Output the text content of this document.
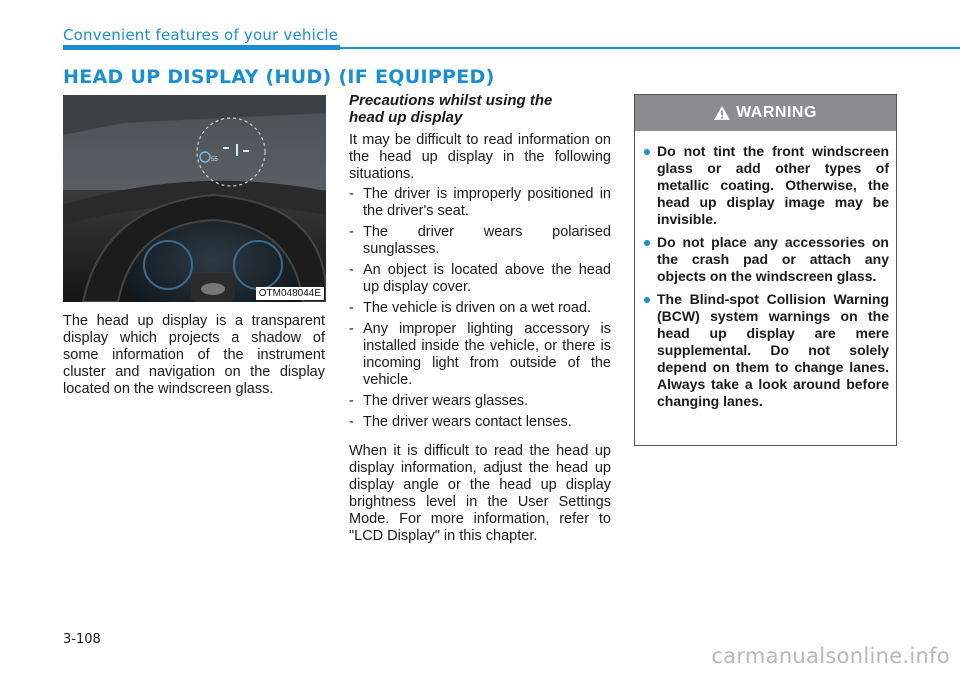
Convenient features of your vehicle
HEAD UP DISPLAY (HUD) (IF EQUIPPED)
55
OTM048044E
The head up display is a transparent display which projects a shadow of some information of the instrument cluster and navigation on the display located on the windscreen glass.
Precautions whilst using the
head up display
It may be difficult to read information on the head up display in the following situations.
- The driver is improperly positioned in the driver's seat.
- The driver wears polarised sunglasses.
- An object is located above the head up display cover.
- The vehicle is driven on a wet road.
- Any improper lighting accessory is installed inside the vehicle, or there is incoming light from outside of the vehicle.
- The driver wears glasses.
- The driver wears contact lenses.
When it is difficult to read the head up display information, adjust the head up display angle or the head up display brightness level in the User Settings Mode. For more information, refer to "LCD Display" in this chapter.
WARNING
Do not tint the front windscreen glass or add other types of metallic coating. Otherwise, the head up display image may be invisible.
Do not place any accessories on the crash pad or attach any objects on the windscreen glass.
The Blind-spot Collision Warning (BCW) system warnings on the head up display are mere supplemental. Do not solely depend on them to change lanes. Always take a look around before changing lanes.
3-108
carmanualsonline.info
